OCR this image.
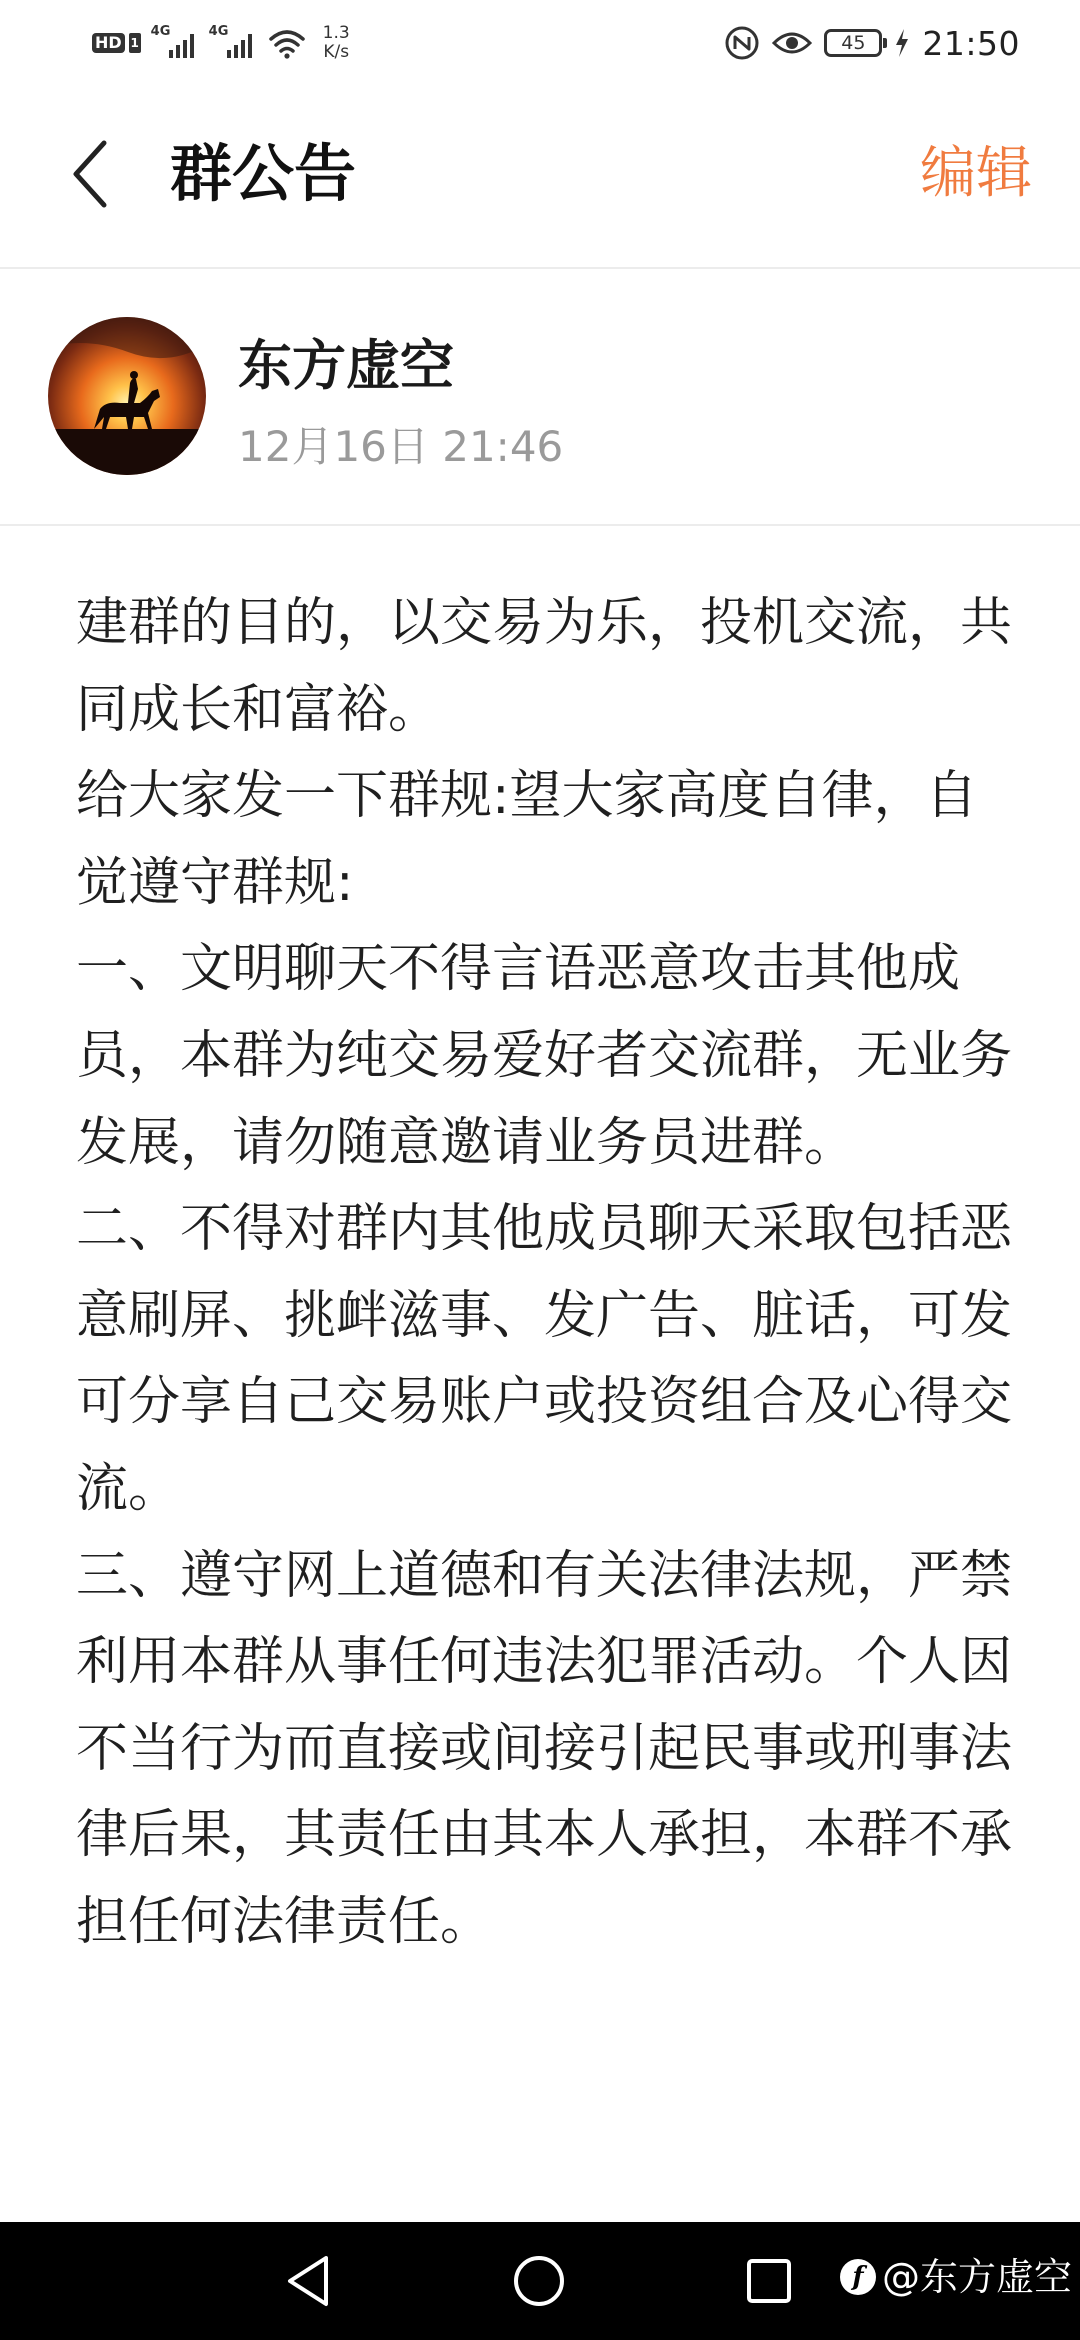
HD 1
4G	4G	1.3
K/s	45 21:50
群公告	编辑
东方虚空
12月16日 21:46

建群的目的，以交易为乐，投机交流，共同成长和富裕。

给大家发一下群规:望大家高度自律，自觉遵守群规:

一、文明聊天不得言语恶意攻击其他成员，本群为纯交易爱好者交流群，无业务发展，请勿随意邀请业务员进群。

二、不得对群内其他成员聊天采取包括恶意刷屏、挑衅滋事、发广告、脏话，可发可分享自己交易账户或投资组合及心得交流。

三、遵守网上道德和有关法律法规，严禁利用本群从事任何违法犯罪活动。个人因不当行为而直接或间接引起民事或刑事法律后果，其责任由其本人承担，本群不承担任何法律责任。

f @东方虚空
